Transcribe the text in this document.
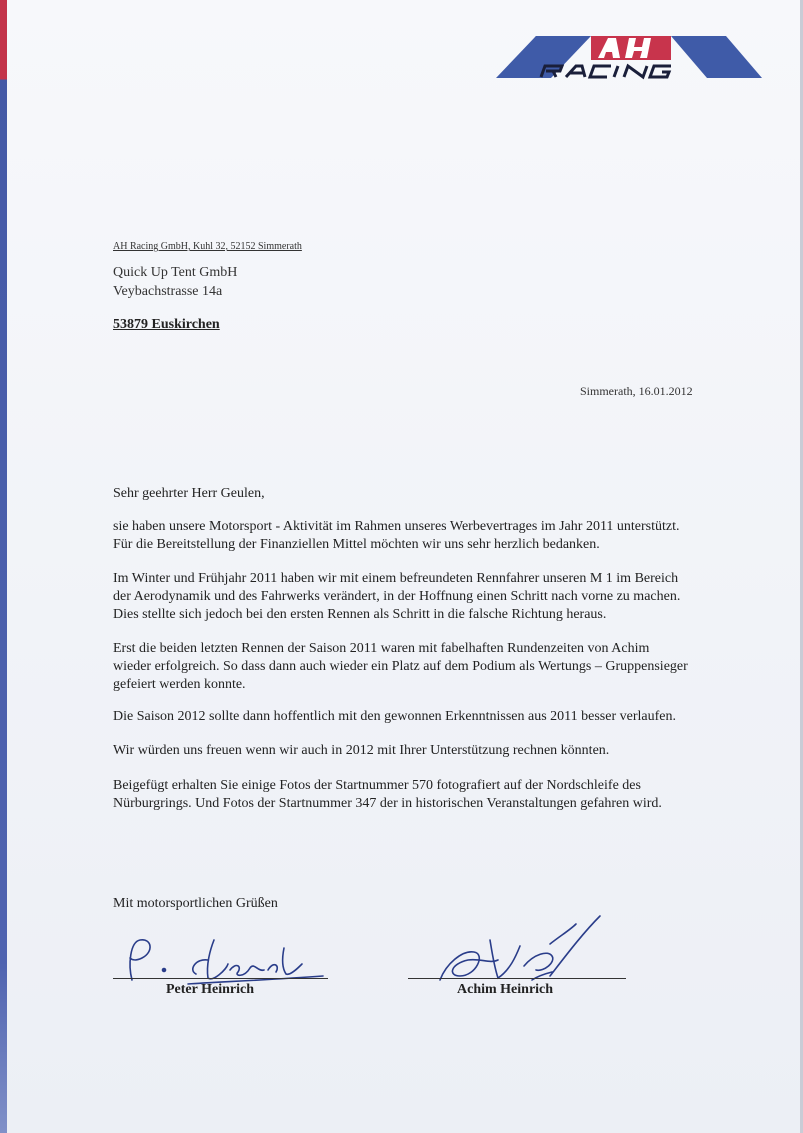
AH Racing GmbH, Kuhl 32, 52152 Simmerath
Quick Up Tent GmbH
Veybachstrasse 14a
53879 Euskirchen
Simmerath, 16.01.2012
Sehr geehrter Herr Geulen,
sie haben unsere Motorsport - Aktivität im Rahmen unseres Werbevertrages im Jahr 2011 unterstützt.
Für die Bereitstellung der Finanziellen Mittel möchten wir uns sehr herzlich bedanken.
Im Winter und Frühjahr 2011 haben wir mit einem befreundeten Rennfahrer unseren M 1 im Bereich
der Aerodynamik und des Fahrwerks verändert, in der Hoffnung einen Schritt nach vorne zu machen.
Dies stellte sich jedoch bei den ersten Rennen als Schritt in die falsche Richtung heraus.
Erst die beiden letzten Rennen der Saison 2011 waren mit fabelhaften Rundenzeiten von Achim
wieder erfolgreich. So dass dann auch wieder ein Platz auf dem Podium als Wertungs – Gruppensieger
gefeiert werden konnte.
Die Saison 2012 sollte dann hoffentlich mit den gewonnen Erkenntnissen aus 2011 besser verlaufen.
Wir würden uns freuen wenn wir auch in 2012 mit Ihrer Unterstützung rechnen könnten.
Beigefügt erhalten Sie einige Fotos der Startnummer 570 fotografiert auf der Nordschleife des
Nürburgrings. Und Fotos der Startnummer 347 der in historischen Veranstaltungen gefahren wird.
Mit motorsportlichen Grüßen
Peter Heinrich	Achim Heinrich
